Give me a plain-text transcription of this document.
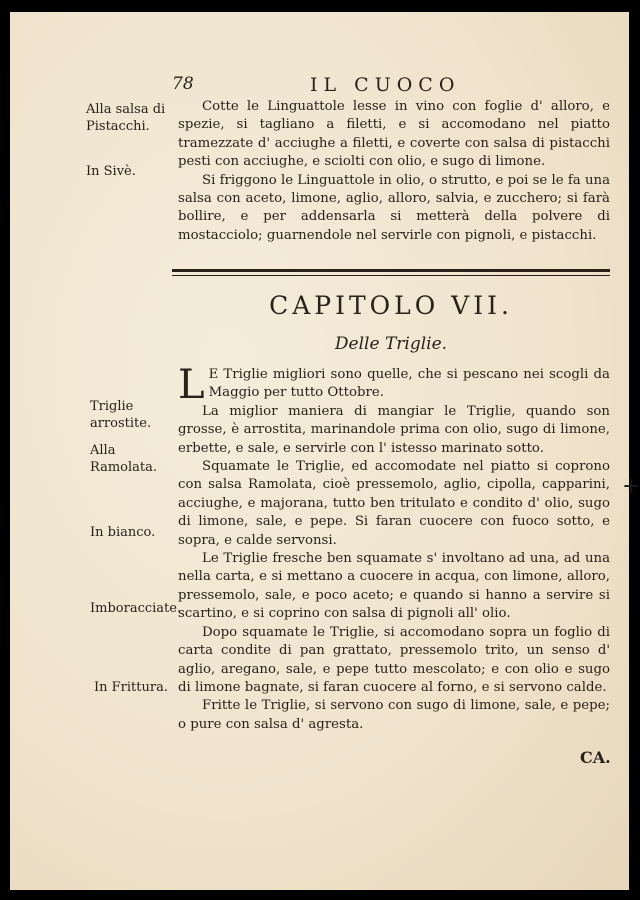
78	IL CUOCO
Alla salsa di Pistacchi.
In Sivè.

Cotte le Linguattole lesse in vino con foglie d' alloro, e spezie, si tagliano a filetti, e si accomodano nel piatto tramezzate d' acciughe a filetti, e coverte con salsa di pistacchi pesti con acciughe, e sciolti con olio, e sugo di limone.

Si friggono le Linguattole in olio, o strutto, e poi se le fa una salsa con aceto, limone, aglio, alloro, salvia, e zucchero; si farà bollire, e per addensarla si metterà della polvere di mostacciolo; guarnendole nel servirle con pignoli, e pistacchi.

CAPITOLO VII.
Delle Triglie.
Triglie arrostite.
Alla Ramolata.
In bianco.
Imboracciate.
In Frittura.

L E Triglie migliori sono quelle, che si pescano nei scogli da Maggio per tutto Ottobre.

La miglior maniera di mangiar le Triglie, quando son grosse, è arrostita, marinandole prima con olio, sugo di limone, erbette, e sale, e servirle con l' istesso marinato sotto.

Squamate le Triglie, ed accomodate nel piatto si coprono con salsa Ramolata, cioè pressemolo, aglio, cipolla, capparini, acciughe, e majorana, tutto ben tritulato e condito d' olio, sugo di limone, sale, e pepe. Si faran cuocere con fuoco sotto, e sopra, e calde servonsi.

Le Triglie fresche ben squamate s' involtano ad una, ad una nella carta, e si mettano a cuocere in acqua, con limone, alloro, pressemolo, sale, e poco aceto; e quando si hanno a servire si scartino, e si coprino con salsa di pignoli all' olio.

Dopo squamate le Triglie, si accomodano sopra un foglio di carta condite di pan grattato, pressemolo trito, un senso d' aglio, aregano, sale, e pepe tutto mescolato; e con olio e sugo di limone bagnate, si faran cuocere al forno, e si servono calde.

Fritte le Triglie, si servono con sugo di limone, sale, e pepe; o pure con salsa d' agresta.

+
CA.
